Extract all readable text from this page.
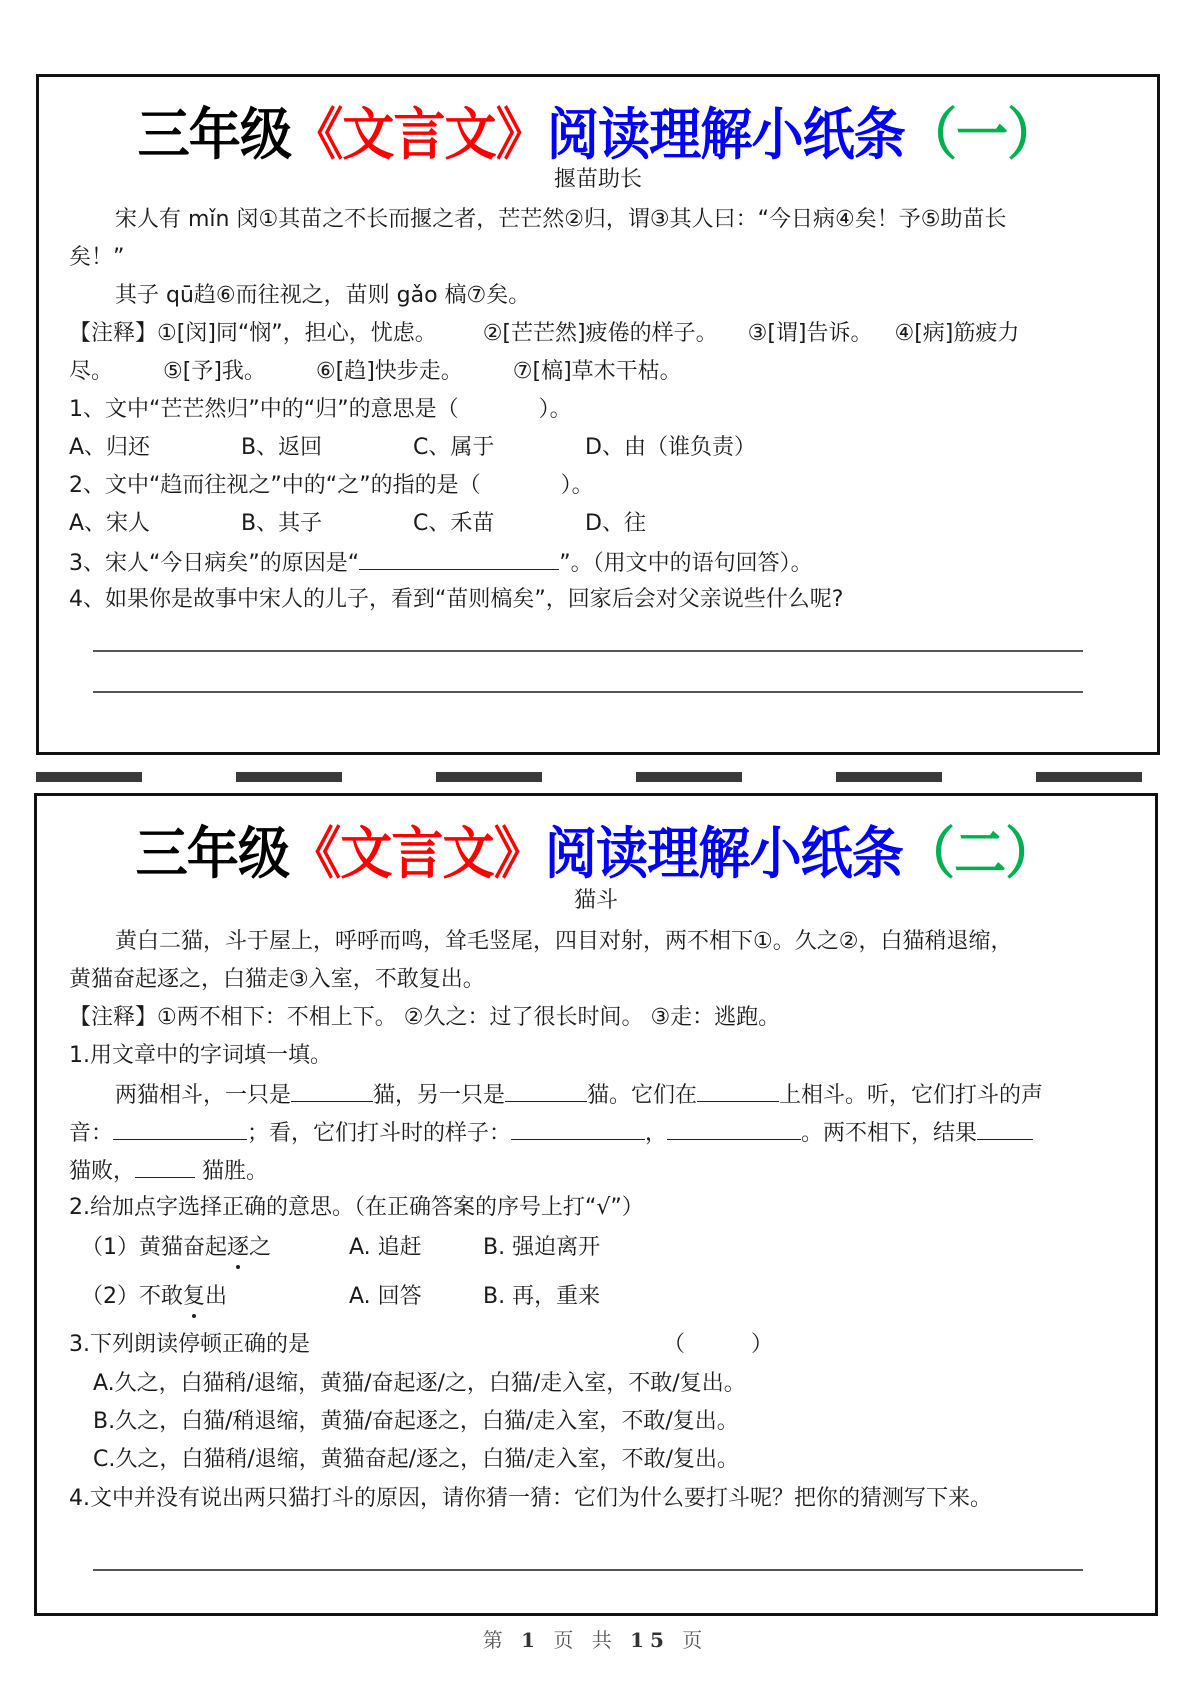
三年级《文言文》阅读理解小纸条（一）
揠苗助长
宋人有 mǐn 闵①其苗之不长而揠之者，芒芒然②归，谓③其人曰：“今日病④矣！予⑤助苗长
矣！”
其子 qū趋⑥而往视之，苗则 gǎo 槁⑦矣。
【注释】①[闵]同“悯”，担心，忧虑。 ②[芒芒然]疲倦的样子。 ③[谓]告诉。 ④[病]筋疲力
尽。 ⑤[予]我。 ⑥[趋]快步走。 ⑦[槁]草木干枯。
1、文中“芒芒然归”中的“归”的意思是（	）。
A、归还	B、返回	C、属于	D、由（谁负责）
2、文中“趋而往视之”中的“之”的指的是（	）。
A、宋人	B、其子	C、禾苗	D、往
3、宋人“今日病矣”的原因是“	”。（用文中的语句回答）。
4、如果你是故事中宋人的儿子，看到“苗则槁矣”，回家后会对父亲说些什么呢?
三年级《文言文》阅读理解小纸条（二）
猫斗
黄白二猫，斗于屋上，呼呼而鸣，耸毛竖尾，四目对射，两不相下①。久之②，白猫稍退缩，
黄猫奋起逐之，白猫走③入室，不敢复出。
【注释】①两不相下：不相上下。 ②久之：过了很长时间。 ③走：逃跑。
1.用文章中的字词填一填。
两猫相斗，一只是	猫，另一只是	猫。它们在	上相斗。听，它们打斗的声
音：	；看，它们打斗时的样子：	，	。两不相下，结果
猫败，	猫胜。
2.给加点字选择正确的意思。（在正确答案的序号上打“√”）
（1）黄猫奋起逐之	A. 追赶	B. 强迫离开
（2）不敢复出	A. 回答	B. 再，重来
3.下列朗读停顿正确的是	（	）
A.久之，白猫稍/退缩，黄猫/奋起逐/之，白猫/走入室，不敢/复出。
B.久之，白猫/稍退缩，黄猫/奋起逐之，白猫/走入室，不敢/复出。
C.久之，白猫稍/退缩，黄猫奋起/逐之，白猫/走入室，不敢/复出。
4.文中并没有说出两只猫打斗的原因，请你猜一猜：它们为什么要打斗呢？把你的猜测写下来。
第 1 页 共 15 页
